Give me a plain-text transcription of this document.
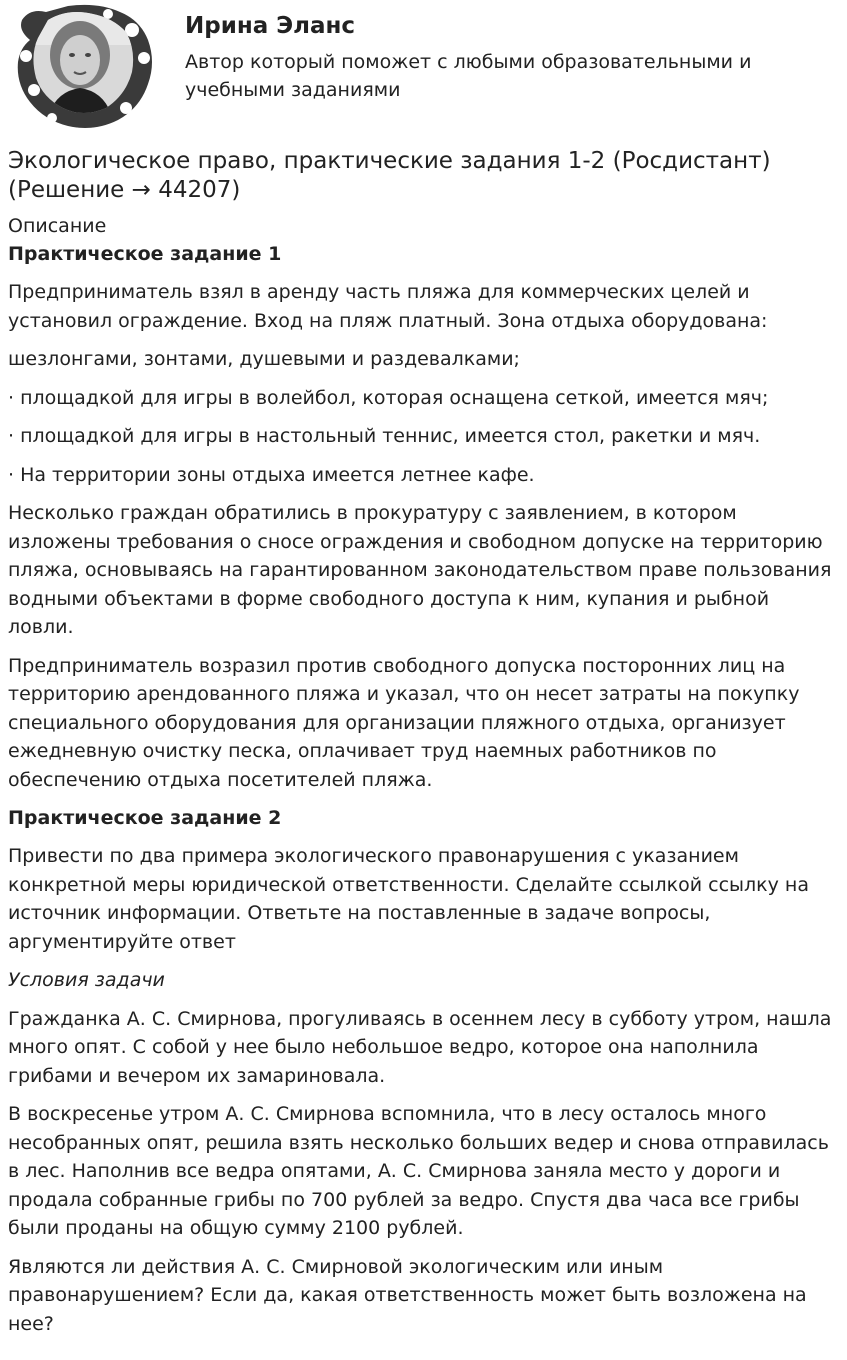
Ирина Эланс
Автор который поможет с любыми образовательными и учебными заданиями
Экологическое право, практические задания 1-2 (Росдистант) (Решение → 44207)
Описание
Практическое задание 1

Предприниматель взял в аренду часть пляжа для коммерческих целей и установил ограждение. Вход на пляж платный. Зона отдыха оборудована:

шезлонгами, зонтами, душевыми и раздевалками;

· площадкой для игры в волейбол, которая оснащена сеткой, имеется мяч;

· площадкой для игры в настольный теннис, имеется стол, ракетки и мяч.

· На территории зоны отдыха имеется летнее кафе.

Несколько граждан обратились в прокуратуру с заявлением, в котором изложены требования о сносе ограждения и свободном допуске на территорию пляжа, основываясь на гарантированном законодательством праве пользования водными объектами в форме свободного доступа к ним, купания и рыбной ловли.

Предприниматель возразил против свободного допуска посторонних лиц на территорию арендованного пляжа и указал, что он несет затраты на покупку специального оборудования для организации пляжного отдыха, организует ежедневную очистку песка, оплачивает труд наемных работников по обеспечению отдыха посетителей пляжа.

Практическое задание 2

Привести по два примера экологического правонарушения с указанием конкретной меры юридической ответственности. Сделайте ссылкой ссылку на источник информации. Ответьте на поставленные в задаче вопросы, аргументируйте ответ

Условия задачи

Гражданка А. С. Смирнова, прогуливаясь в осеннем лесу в субботу утром, нашла много опят. С собой у нее было небольшое ведро, которое она наполнила грибами и вечером их замариновала.

В воскресенье утром А. С. Смирнова вспомнила, что в лесу осталось много несобранных опят, решила взять несколько больших ведер и снова отправилась в лес. Наполнив все ведра опятами, А. С. Смирнова заняла место у дороги и продала собранные грибы по 700 рублей за ведро. Спустя два часа все грибы были проданы на общую сумму 2100 рублей.

Являются ли действия А. С. Смирновой экологическим или иным правонарушением? Если да, какая ответственность может быть возложена на нее?
